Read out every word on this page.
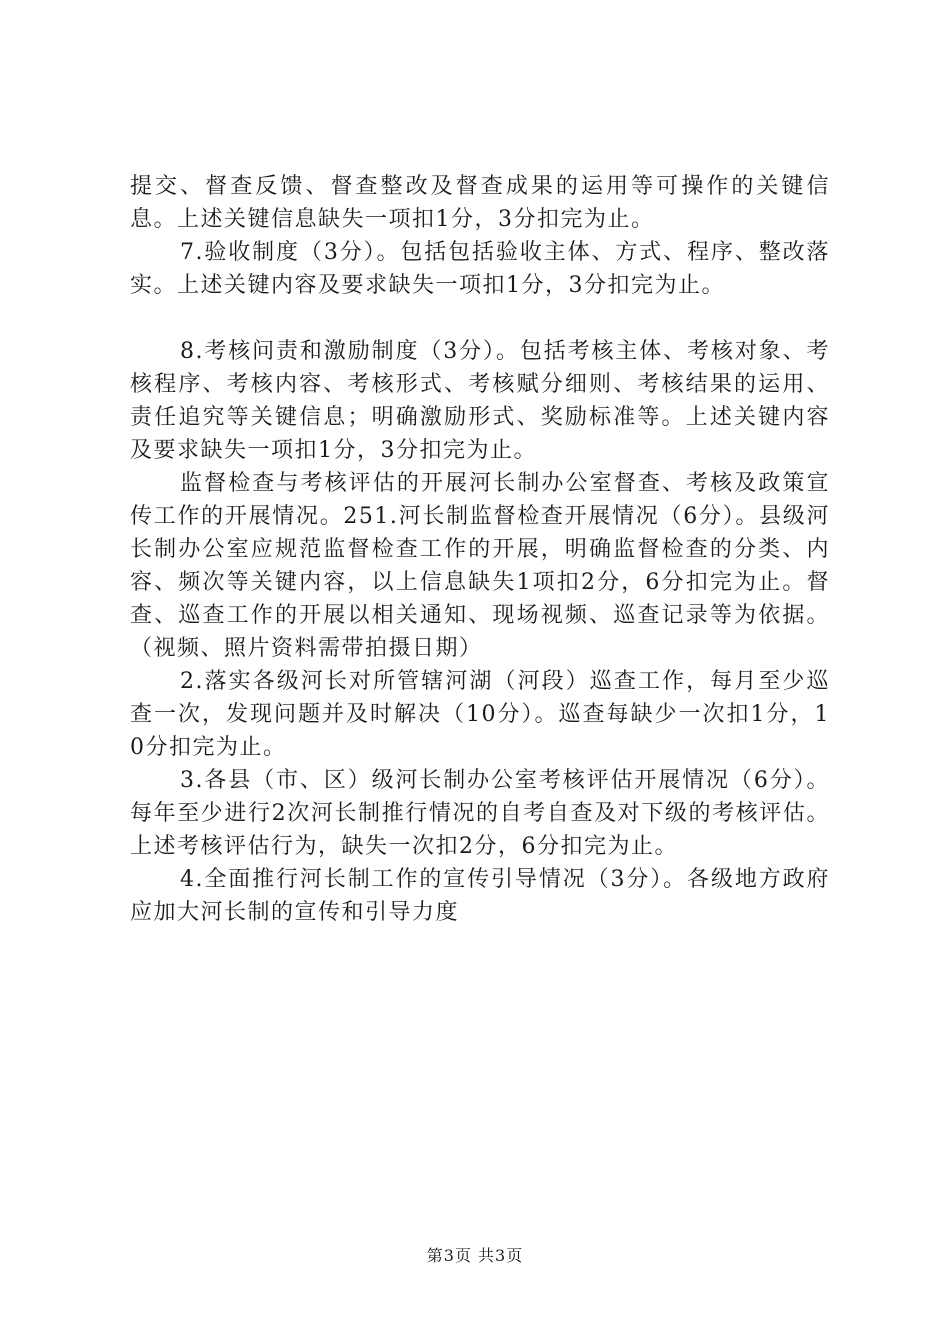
提交、督查反馈、督查整改及督查成果的运用等可操作的关键信息。上述关键信息缺失一项扣1分，3分扣完为止。

7.验收制度（3分）。包括包括验收主体、方式、程序、整改落实。上述关键内容及要求缺失一项扣1分，3分扣完为止。

8.考核问责和激励制度（3分）。包括考核主体、考核对象、考核程序、考核内容、考核形式、考核赋分细则、考核结果的运用、责任追究等关键信息；明确激励形式、奖励标准等。上述关键内容及要求缺失一项扣1分，3分扣完为止。

监督检查与考核评估的开展河长制办公室督查、考核及政策宣传工作的开展情况。251.河长制监督检查开展情况（6分）。县级河长制办公室应规范监督检查工作的开展，明确监督检查的分类、内容、频次等关键内容，以上信息缺失1项扣2分，6分扣完为止。督查、巡查工作的开展以相关通知、现场视频、巡查记录等为依据。（视频、照片资料需带拍摄日期）

2.落实各级河长对所管辖河湖（河段）巡查工作，每月至少巡查一次，发现问题并及时解决（10分）。巡查每缺少一次扣1分，10分扣完为止。

3.各县（市、区）级河长制办公室考核评估开展情况（6分）。每年至少进行2次河长制推行情况的自考自查及对下级的考核评估。上述考核评估行为，缺失一次扣2分，6分扣完为止。

4.全面推行河长制工作的宣传引导情况（3分）。各级地方政府应加大河长制的宣传和引导力度

第3页 共3页
